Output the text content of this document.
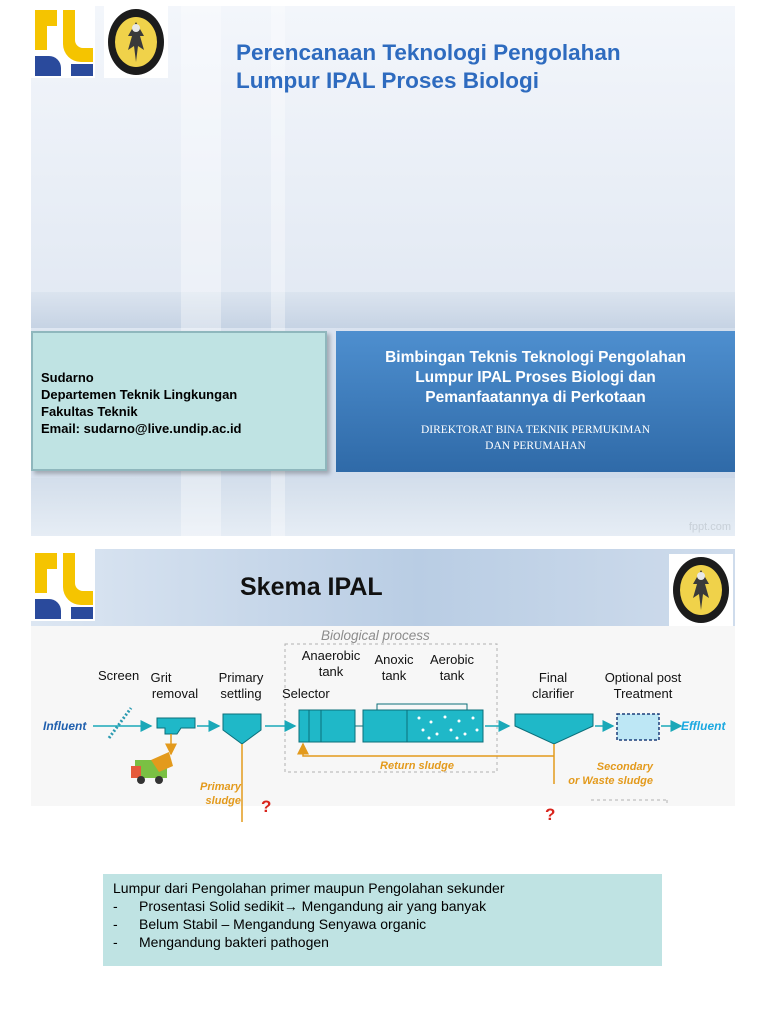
Perencanaan Teknologi Pengolahan
Lumpur IPAL Proses Biologi
Sudarno
Departemen Teknik Lingkungan
Fakultas Teknik
Email: sudarno@live.undip.ac.id
Bimbingan Teknis Teknologi Pengolahan
Lumpur IPAL Proses Biologi dan
Pemanfaatannya di Perkotaan
DIREKTORAT BINA TEKNIK PERMUKIMAN
DAN PERUMAHAN
fppt.com
Skema IPAL
Biological process
Screen Grit
removal
Primary
settling
Anaerobic
tank
Selector
Anoxic
tank
Aerobic
tank	Final
clarifier
Optional post
Treatment
Influent	Effluent
Primary
sludge ?
Return sludge	Secondary
or Waste sludge
?
Lumpur dari Pengolahan primer maupun Pengolahan sekunder
-	Prosentasi Solid sedikit→ Mengandung air yang banyak
-	Belum Stabil – Mengandung Senyawa organic
-	Mengandung bakteri pathogen
